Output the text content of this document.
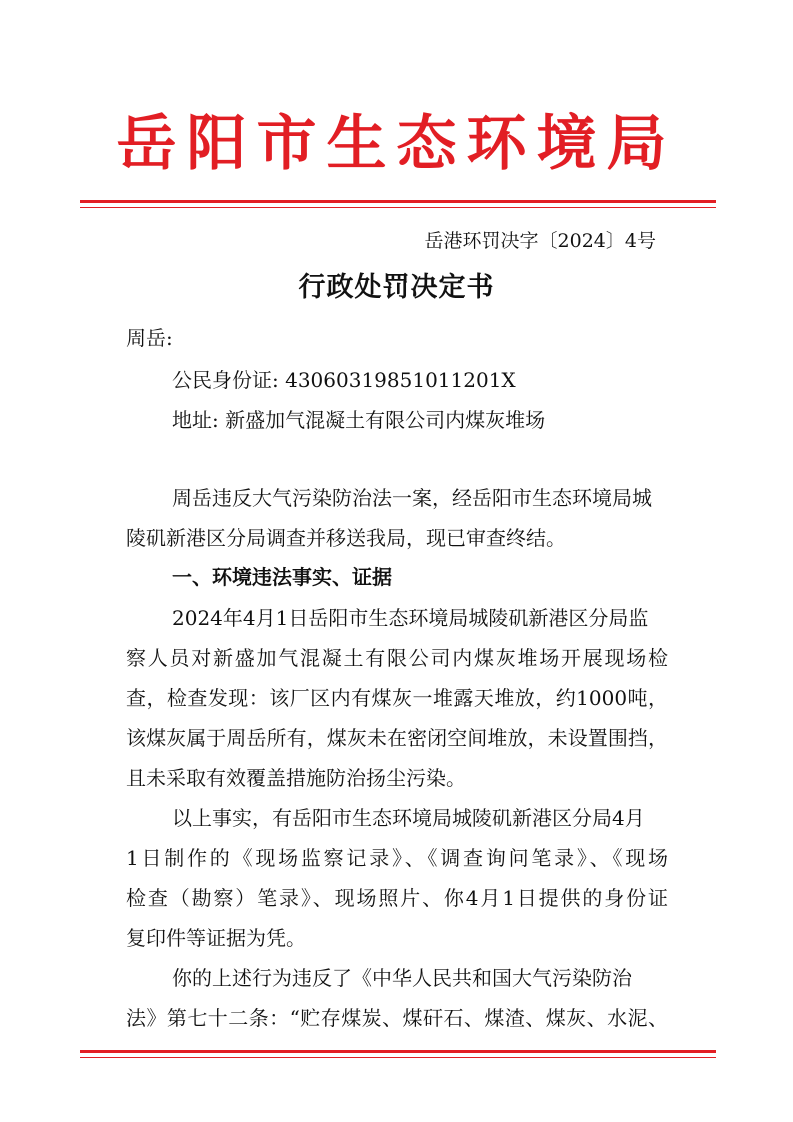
岳阳市生态环境局
岳港环罚决字〔2024〕4号
行政处罚决定书
周岳:
公民身份证: 43060319851011201X
地址: 新盛加气混凝土有限公司内煤灰堆场
周岳违反大气污染防治法一案，经岳阳市生态环境局城
陵矶新港区分局调查并移送我局，现已审查终结。
一、环境违法事实、证据
2024年4月1日岳阳市生态环境局城陵矶新港区分局监
察人员对新盛加气混凝土有限公司内煤灰堆场开展现场检
查，检查发现：该厂区内有煤灰一堆露天堆放，约1000吨，
该煤灰属于周岳所有，煤灰未在密闭空间堆放，未设置围挡，
且未采取有效覆盖措施防治扬尘污染。
以上事实，有岳阳市生态环境局城陵矶新港区分局4月
1日制作的《现场监察记录》、《调查询问笔录》、《现场
检查（勘察）笔录》、现场照片、你4月1日提供的身份证
复印件等证据为凭。
你的上述行为违反了《中华人民共和国大气污染防治
法》第七十二条：“贮存煤炭、煤矸石、煤渣、煤灰、水泥、
